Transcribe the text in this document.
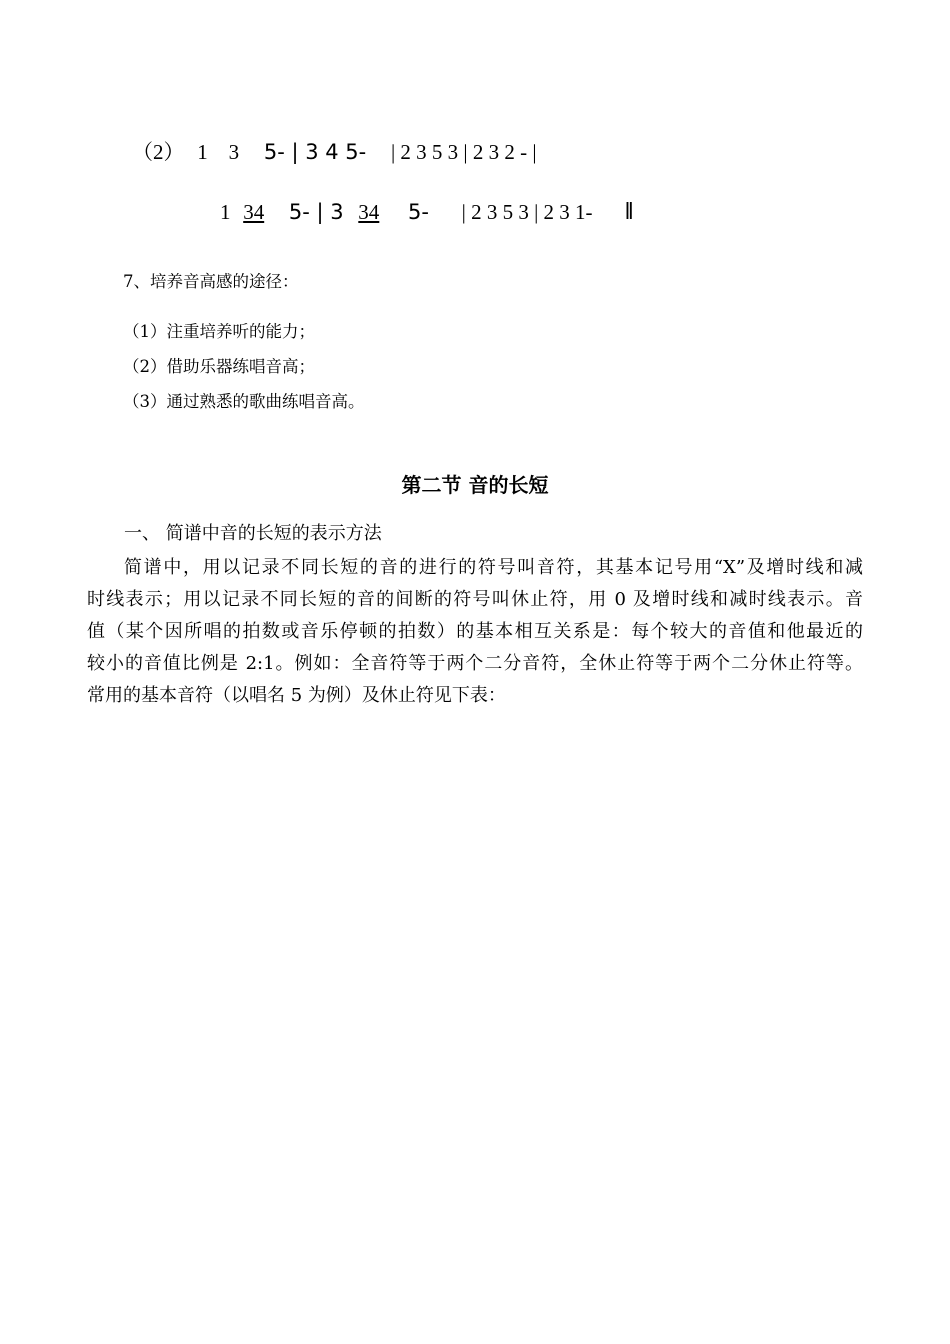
（2） 1　3 5- | 3 4 5- | 2 3 5 3 | 2 3 2 - |
1 34 5- | 3 34 5- | 2 3 5 3 | 2 3 1- ‖
7、培养音高感的途径：
（1）注重培养听的能力；
（2）借助乐器练唱音高；
（3）通过熟悉的歌曲练唱音高。
第二节 音的长短
一、 简谱中音的长短的表示方法
简谱中，用以记录不同长短的音的进行的符号叫音符，其基本记号用“X”及增时线和减
时线表示；用以记录不同长短的音的间断的符号叫休止符，用 0 及增时线和减时线表示。音
值（某个因所唱的拍数或音乐停顿的拍数）的基本相互关系是：每个较大的音值和他最近的
较小的音值比例是 2:1。例如：全音符等于两个二分音符，全休止符等于两个二分休止符等。
常用的基本音符（以唱名 5 为例）及休止符见下表：
